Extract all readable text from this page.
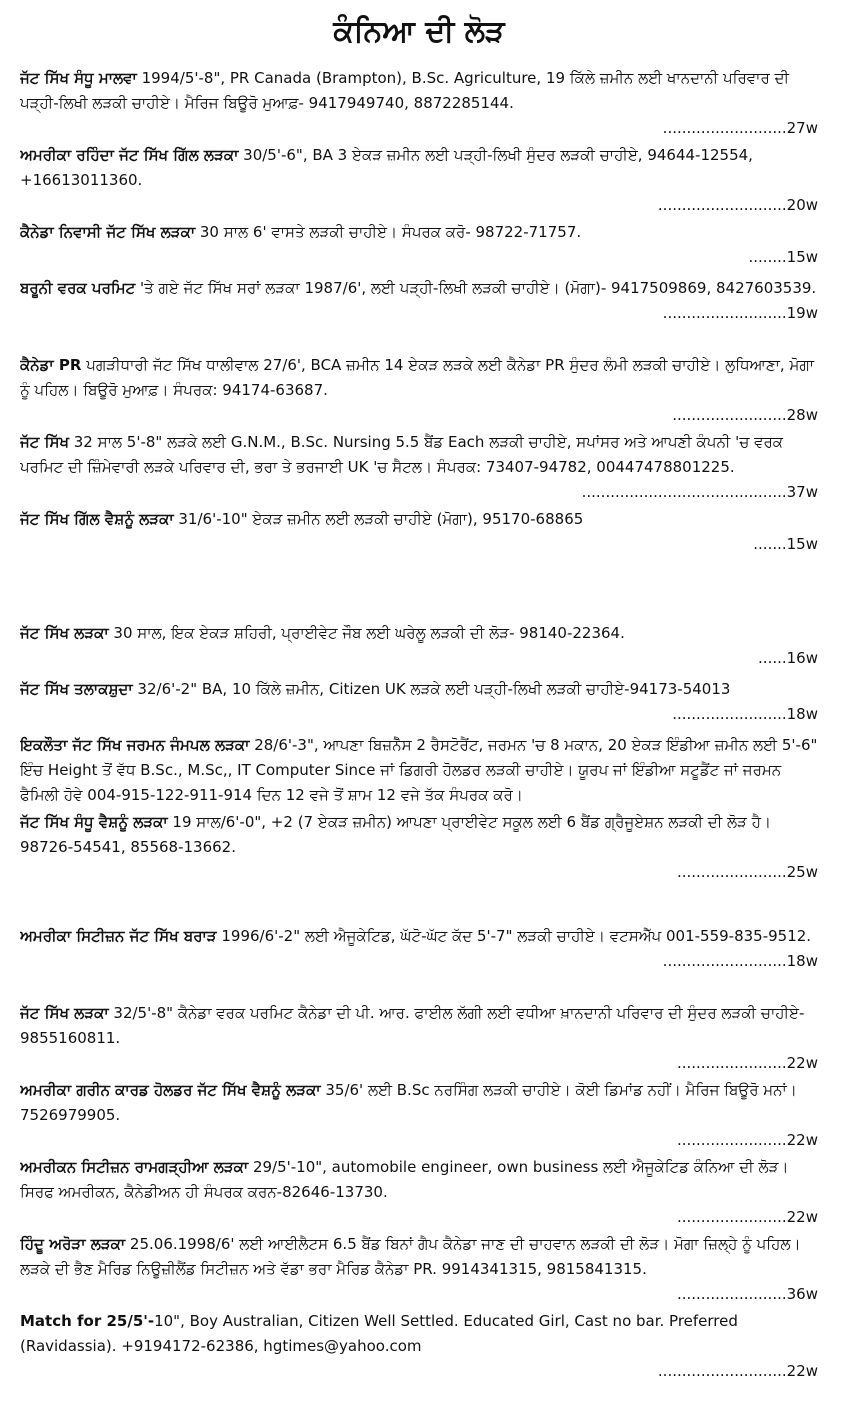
ਕੰਨਿਆ ਦੀ ਲੋੜ

ਜੱਟ ਸਿੱਖ ਸੰਧੂ ਮਾਲਵਾ 1994/5'-8", PR Canada (Brampton), B.Sc. Agriculture, 19 ਕਿੱਲੇ ਜ਼ਮੀਨ ਲਈ ਖਾਨਦਾਨੀ ਪਰਿਵਾਰ ਦੀ ਪੜ੍ਹੀ-ਲਿਖੀ ਲੜਕੀ ਚਾਹੀਏ। ਮੈਰਿਜ ਬਿਊਰੋ ਮੁਆਫ਼- 9417949740, 8872285144.
..........................27w

ਅਮਰੀਕਾ ਰਹਿੰਦਾ ਜੱਟ ਸਿੱਖ ਗਿੱਲ ਲੜਕਾ 30/5'-6", BA 3 ਏਕੜ ਜ਼ਮੀਨ ਲਈ ਪੜ੍ਹੀ-ਲਿਖੀ ਸੁੰਦਰ ਲੜਕੀ ਚਾਹੀਏ, 94644-12554, +16613011360.
...........................20w

ਕੈਨੇਡਾ ਨਿਵਾਸੀ ਜੱਟ ਸਿੱਖ ਲੜਕਾ 30 ਸਾਲ 6' ਵਾਸਤੇ ਲੜਕੀ ਚਾਹੀਏ। ਸੰਪਰਕ ਕਰੋ- 98722-71757.
........15w

ਬਰੂਨੀ ਵਰਕ ਪਰਮਿਟ 'ਤੇ ਗਏ ਜੱਟ ਸਿੱਖ ਸਰਾਂ ਲੜਕਾ 1987/6', ਲਈ ਪੜ੍ਹੀ-ਲਿਖੀ ਲੜਕੀ ਚਾਹੀਏ। (ਮੋਗਾ)- 9417509869, 8427603539.
..........................19w

ਕੈਨੇਡਾ PR ਪਗੜੀਧਾਰੀ ਜੱਟ ਸਿੱਖ ਧਾਲੀਵਾਲ 27/6', BCA ਜ਼ਮੀਨ 14 ਏਕੜ ਲੜਕੇ ਲਈ ਕੈਨੇਡਾ PR ਸੁੰਦਰ ਲੰਮੀ ਲੜਕੀ ਚਾਹੀਏ। ਲੁਧਿਆਣਾ, ਮੋਗਾ ਨੂੰ ਪਹਿਲ। ਬਿਊਰੋ ਮੁਆਫ਼। ਸੰਪਰਕ: 94174-63687.
........................28w

ਜੱਟ ਸਿੱਖ 32 ਸਾਲ 5'-8" ਲੜਕੇ ਲਈ G.N.M., B.Sc. Nursing 5.5 ਬੈਂਡ Each ਲੜਕੀ ਚਾਹੀਏ, ਸਪਾਂਸਰ ਅਤੇ ਆਪਣੀ ਕੰਪਨੀ 'ਚ ਵਰਕ ਪਰਮਿਟ ਦੀ ਜ਼ਿੰਮੇਵਾਰੀ ਲੜਕੇ ਪਰਿਵਾਰ ਦੀ, ਭਰਾ ਤੇ ਭਰਜਾਈ UK 'ਚ ਸੈਟਲ। ਸੰਪਰਕ: 73407-94782, 00447478801225.
...........................................37w

ਜੱਟ ਸਿੱਖ ਗਿੱਲ ਵੈਸ਼ਨੂੰ ਲੜਕਾ 31/6'-10" ਏਕੜ ਜ਼ਮੀਨ ਲਈ ਲੜਕੀ ਚਾਹੀਏ (ਮੋਗਾ), 95170-68865
.......15w

ਜੱਟ ਸਿੱਖ ਲੜਕਾ 30 ਸਾਲ, ਇਕ ਏਕੜ ਸ਼ਹਿਰੀ, ਪ੍ਰਾਈਵੇਟ ਜੌਬ ਲਈ ਘਰੇਲੂ ਲੜਕੀ ਦੀ ਲੋੜ- 98140-22364.
......16w

ਜੱਟ ਸਿੱਖ ਤਲਾਕਸ਼ੁਦਾ 32/6'-2" BA, 10 ਕਿੱਲੇ ਜ਼ਮੀਨ, Citizen UK ਲੜਕੇ ਲਈ ਪੜ੍ਹੀ-ਲਿਖੀ ਲੜਕੀ ਚਾਹੀਏ-94173-54013
........................18w

ਇਕਲੌਤਾ ਜੱਟ ਸਿੱਖ ਜਰਮਨ ਜੰਮਪਲ ਲੜਕਾ 28/6'-3", ਆਪਣਾ ਬਿਜ਼ਨੈੱਸ 2 ਰੈਸਟੋਰੈਂਟ, ਜਰਮਨ 'ਚ 8 ਮਕਾਨ, 20 ਏਕੜ ਇੰਡੀਆ ਜ਼ਮੀਨ ਲਈ 5'-6" ਇੰਚ Height ਤੋਂ ਵੱਧ B.Sc., M.Sc,, IT Computer Since ਜਾਂ ਡਿਗਰੀ ਹੋਲਡਰ ਲੜਕੀ ਚਾਹੀਏ। ਯੂਰਪ ਜਾਂ ਇੰਡੀਆ ਸਟੂਡੈਂਟ ਜਾਂ ਜਰਮਨ ਫੈਮਿਲੀ ਹੋਵੇ 004-915-122-911-914 ਦਿਨ 12 ਵਜੇ ਤੋਂ ਸ਼ਾਮ 12 ਵਜੇ ਤੱਕ ਸੰਪਰਕ ਕਰੋ।

ਜੱਟ ਸਿੱਖ ਸੰਧੂ ਵੈਸ਼ਨੂੰ ਲੜਕਾ 19 ਸਾਲ/6'-0", +2 (7 ਏਕੜ ਜ਼ਮੀਨ) ਆਪਣਾ ਪ੍ਰਾਈਵੇਟ ਸਕੂਲ ਲਈ 6 ਬੈਂਡ ਗ੍ਰੈਜੂਏਸ਼ਨ ਲੜਕੀ ਦੀ ਲੋੜ ਹੈ। 98726-54541, 85568-13662.
.......................25w

ਅਮਰੀਕਾ ਸਿਟੀਜ਼ਨ ਜੱਟ ਸਿੱਖ ਬਰਾੜ 1996/6'-2" ਲਈ ਐਜੂਕੇਟਿਡ, ਘੱਟੋ-ਘੱਟ ਕੱਦ 5'-7" ਲੜਕੀ ਚਾਹੀਏ। ਵਟਸਐੱਪ 001-559-835-9512.
..........................18w

ਜੱਟ ਸਿੱਖ ਲੜਕਾ 32/5'-8" ਕੈਨੇਡਾ ਵਰਕ ਪਰਮਿਟ ਕੈਨੇਡਾ ਦੀ ਪੀ. ਆਰ. ਫਾਈਲ ਲੱਗੀ ਲਈ ਵਧੀਆ ਖ਼ਾਨਦਾਨੀ ਪਰਿਵਾਰ ਦੀ ਸੁੰਦਰ ਲੜਕੀ ਚਾਹੀਏ- 9855160811.
.......................22w

ਅਮਰੀਕਾ ਗਰੀਨ ਕਾਰਡ ਹੋਲਡਰ ਜੱਟ ਸਿੱਖ ਵੈਸ਼ਨੂੰ ਲੜਕਾ 35/6' ਲਈ B.Sc ਨਰਸਿੰਗ ਲੜਕੀ ਚਾਹੀਏ। ਕੋਈ ਡਿਮਾਂਡ ਨਹੀਂ। ਮੈਰਿਜ ਬਿਊਰੋ ਮਨਾਂ। 7526979905.
.......................22w

ਅਮਰੀਕਨ ਸਿਟੀਜ਼ਨ ਰਾਮਗੜ੍ਹੀਆ ਲੜਕਾ 29/5'-10", automobile engineer, own business ਲਈ ਐਜੂਕੇਟਿਡ ਕੰਨਿਆ ਦੀ ਲੋੜ। ਸਿਰਫ ਅਮਰੀਕਨ, ਕੈਨੇਡੀਅਨ ਹੀ ਸੰਪਰਕ ਕਰਨ-82646-13730.
.......................22w

ਹਿੰਦੂ ਅਰੋੜਾ ਲੜਕਾ 25.06.1998/6' ਲਈ ਆਈਲੈਟਸ 6.5 ਬੈਂਡ ਬਿਨਾਂ ਗੈਪ ਕੈਨੇਡਾ ਜਾਣ ਦੀ ਚਾਹਵਾਨ ਲੜਕੀ ਦੀ ਲੋੜ। ਮੋਗਾ ਜ਼ਿਲ੍ਹੇ ਨੂੰ ਪਹਿਲ। ਲੜਕੇ ਦੀ ਭੈਣ ਮੈਰਿਡ ਨਿਊਜ਼ੀਲੈਂਡ ਸਿਟੀਜ਼ਨ ਅਤੇ ਵੱਡਾ ਭਰਾ ਮੈਰਿਡ ਕੈਨੇਡਾ PR. 9914341315, 9815841315.
.......................36w

Match for 25/5'-10", Boy Australian, Citizen Well Settled. Educated Girl, Cast no bar. Preferred (Ravidassia). +9194172-62386, hgtimes@yahoo.com
...........................22w
